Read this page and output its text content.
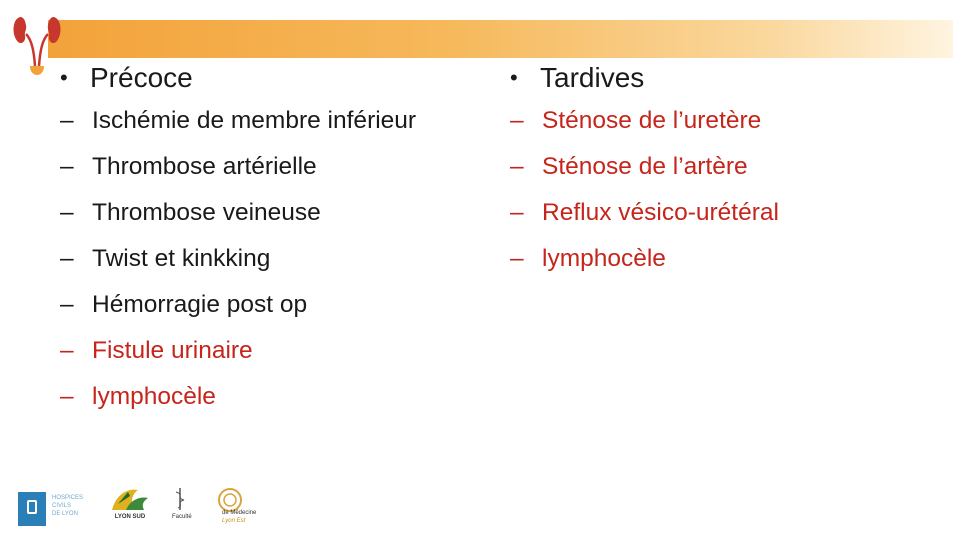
• Précoce
– Ischémie de membre inférieur
– Thrombose artérielle
– Thrombose veineuse
– Twist et kinkking
– Hémorragie post op
– Fistule urinaire
– lymphocèle
• Tardives
– Sténose de l’uretère
– Sténose de l’artère
– Reflux vésico-urétéral
– lymphocèle
HOSPICES
CIVILS
DE LYON	LYON SUD	Faculté
de Médecine
Lyon Est
